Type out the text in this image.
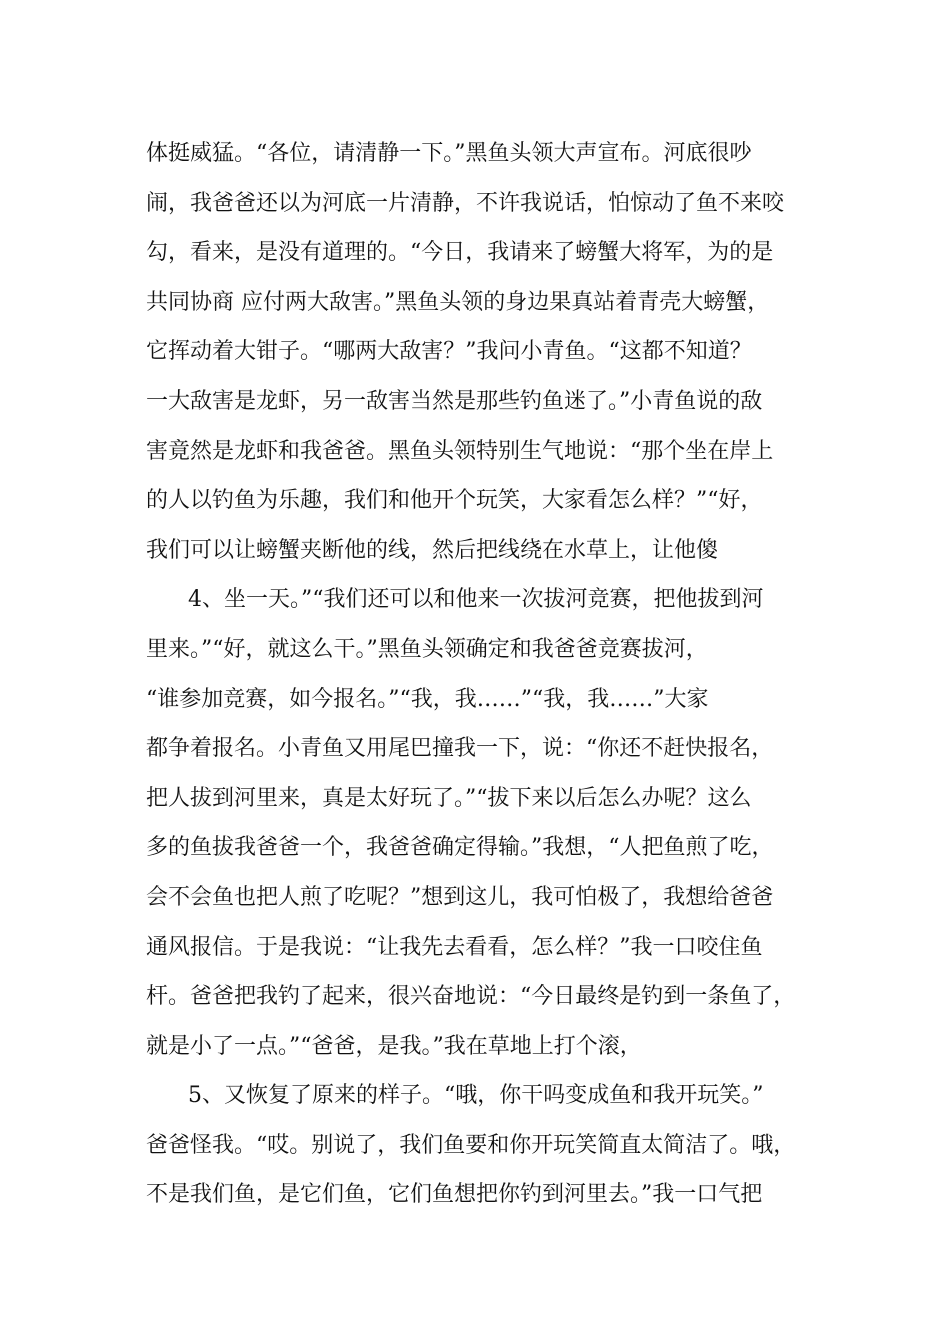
体挺威猛。“各位，请清静一下。”黑鱼头领大声宣布。河底很吵
闹，我爸爸还以为河底一片清静，不许我说话，怕惊动了鱼不来咬
勾，看来，是没有道理的。“今日，我请来了螃蟹大将军，为的是
共同协商 应付两大敌害。”黑鱼头领的身边果真站着青壳大螃蟹，
它挥动着大钳子。“哪两大敌害？”我问小青鱼。“这都不知道？
一大敌害是龙虾，另一敌害当然是那些钓鱼迷了。”小青鱼说的敌
害竟然是龙虾和我爸爸。黑鱼头领特别生气地说：“那个坐在岸上
的人以钓鱼为乐趣，我们和他开个玩笑，大家看怎么样？”“好，
我们可以让螃蟹夹断他的线，然后把线绕在水草上，让他傻
4、坐一天。”“我们还可以和他来一次拔河竞赛，把他拔到河
里来。”“好，就这么干。”黑鱼头领确定和我爸爸竞赛拔河，
“谁参加竞赛，如今报名。”“我，我……”“我，我……”大家
都争着报名。小青鱼又用尾巴撞我一下，说：“你还不赶快报名，
把人拔到河里来，真是太好玩了。”“拔下来以后怎么办呢？这么
多的鱼拔我爸爸一个，我爸爸确定得输。”我想，“人把鱼煎了吃，
会不会鱼也把人煎了吃呢？”想到这儿，我可怕极了，我想给爸爸
通风报信。于是我说：“让我先去看看，怎么样？”我一口咬住鱼
杆。爸爸把我钓了起来，很兴奋地说：“今日最终是钓到一条鱼了，
就是小了一点。”“爸爸，是我。”我在草地上打个滚，
5、又恢复了原来的样子。“哦，你干吗变成鱼和我开玩笑。”
爸爸怪我。“哎。别说了，我们鱼要和你开玩笑简直太简洁了。哦，
不是我们鱼，是它们鱼，它们鱼想把你钓到河里去。”我一口气把
